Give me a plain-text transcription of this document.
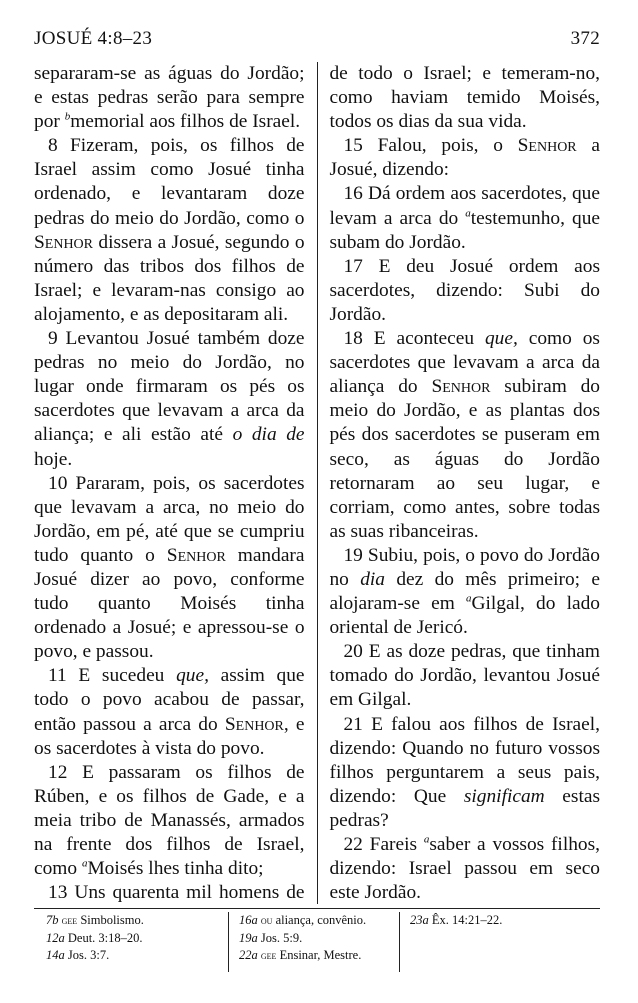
JOSUÉ 4:8–23	372

separaram-se as águas do Jordão; e estas pedras serão para sempre por $^b$memorial aos filhos de Israel.

8 Fizeram, pois, os filhos de Israel assim como Josué tinha ordenado, e levantaram doze pedras do meio do Jordão, como o Senhor dissera a Josué, segundo o número das tribos dos filhos de Israel; e levaram-nas consigo ao alojamento, e as depositaram ali.

9 Levantou Josué também doze pedras no meio do Jordão, no lugar onde firmaram os pés os sacerdotes que levavam a arca da aliança; e ali estão até o dia de hoje.

10 Pararam, pois, os sacerdotes que levavam a arca, no meio do Jordão, em pé, até que se cumpriu tudo quanto o Senhor mandara Josué dizer ao povo, conforme tudo quanto Moisés tinha ordenado a Josué; e apressou-se o povo, e passou.

11 E sucedeu que, assim que todo o povo acabou de passar, então passou a arca do Senhor, e os sacerdotes à vista do povo.

12 E passaram os filhos de Rúben, e os filhos de Gade, e a meia tribo de Manassés, armados na frente dos filhos de Israel, como $^a$Moisés lhes tinha dito;

13 Uns quarenta mil homens de

de todo o Israel; e temeram-no, como haviam temido Moisés, todos os dias da sua vida.

15 Falou, pois, o Senhor a Josué, dizendo:

16 Dá ordem aos sacerdotes, que levam a arca do $^a$testemunho, que subam do Jordão.

17 E deu Josué ordem aos sacerdotes, dizendo: Subi do Jordão.

18 E aconteceu que, como os sacerdotes que levavam a arca da aliança do Senhor subiram do meio do Jordão, e as plantas dos pés dos sacerdotes se puseram em seco, as águas do Jordão retornaram ao seu lugar, e corriam, como antes, sobre todas as suas ribanceiras.

19 Subiu, pois, o povo do Jordão no dia dez do mês primeiro; e alojaram-se em $^a$Gilgal, do lado oriental de Jericó.

20 E as doze pedras, que tinham tomado do Jordão, levantou Josué em Gilgal.

21 E falou aos filhos de Israel, dizendo: Quando no futuro vossos filhos perguntarem a seus pais, dizendo: Que significam estas pedras?

22 Fareis $^a$saber a vossos filhos, dizendo: Israel passou em seco este Jordão.

7b gee Simbolismo.
12a Deut. 3:18–20.
14a Jos. 3:7.
16a ou aliança, convênio.
19a Jos. 5:9.
22a gee Ensinar, Mestre.
23a Êx. 14:21–22.
